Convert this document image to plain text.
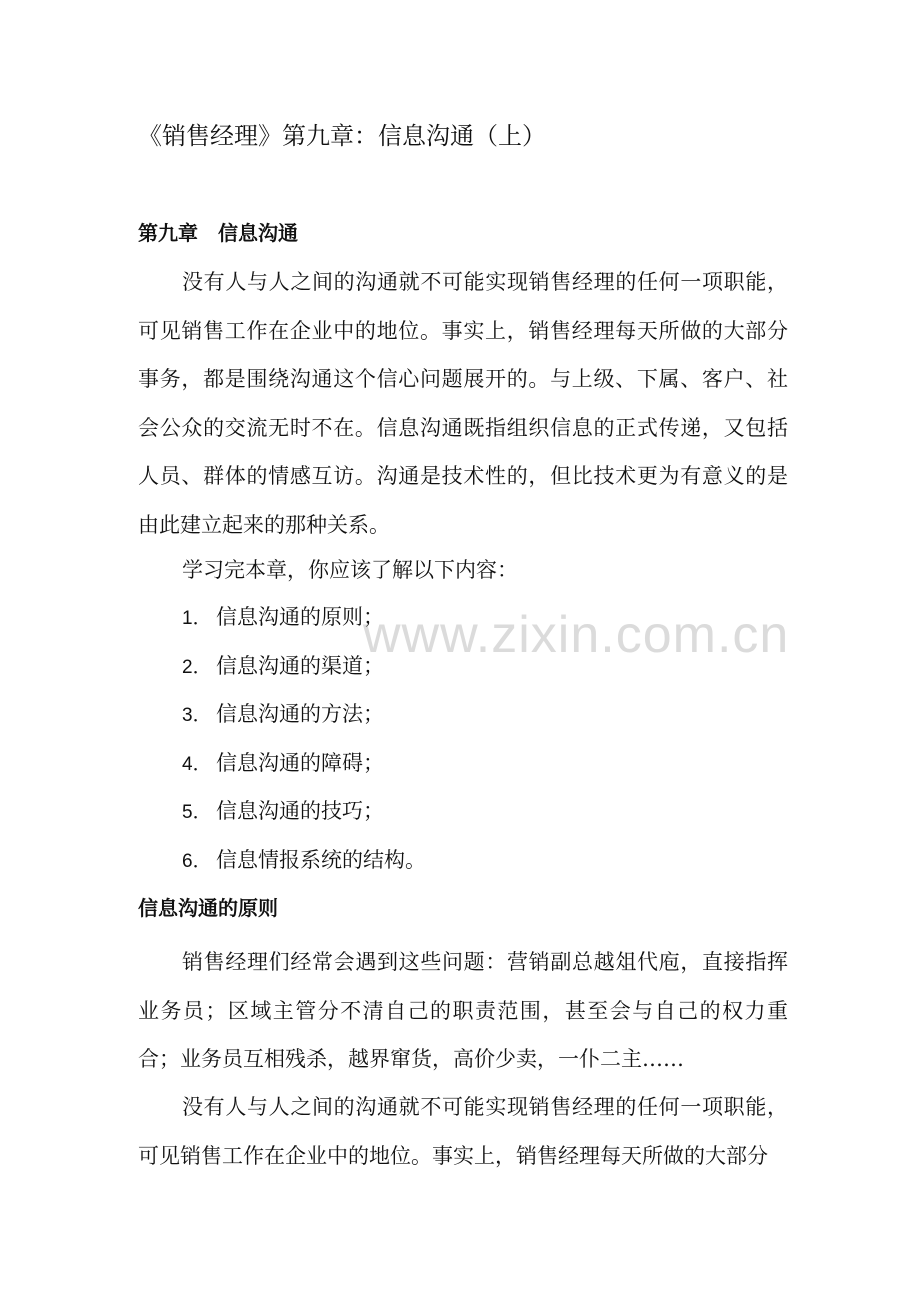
《销售经理》第九章：信息沟通（上）
第九章 信息沟通

没有人与人之间的沟通就不可能实现销售经理的任何一项职能，可见销售工作在企业中的地位。事实上，销售经理每天所做的大部分事务，都是围绕沟通这个信心问题展开的。与上级、下属、客户、社会公众的交流无时不在。信息沟通既指组织信息的正式传递，又包括人员、群体的情感互访。沟通是技术性的，但比技术更为有意义的是由此建立起来的那种关系。

学习完本章，你应该了解以下内容：
1． 信息沟通的原则；
2． 信息沟通的渠道；
3． 信息沟通的方法；
4． 信息沟通的障碍；
5． 信息沟通的技巧；
6． 信息情报系统的结构。
信息沟通的原则

销售经理们经常会遇到这些问题：营销副总越俎代庖，直接指挥业务员；区域主管分不清自己的职责范围，甚至会与自己的权力重合；业务员互相残杀，越界窜货，高价少卖，一仆二主……

没有人与人之间的沟通就不可能实现销售经理的任何一项职能，可见销售工作在企业中的地位。事实上，销售经理每天所做的大部分

www.zixin.com.cn
